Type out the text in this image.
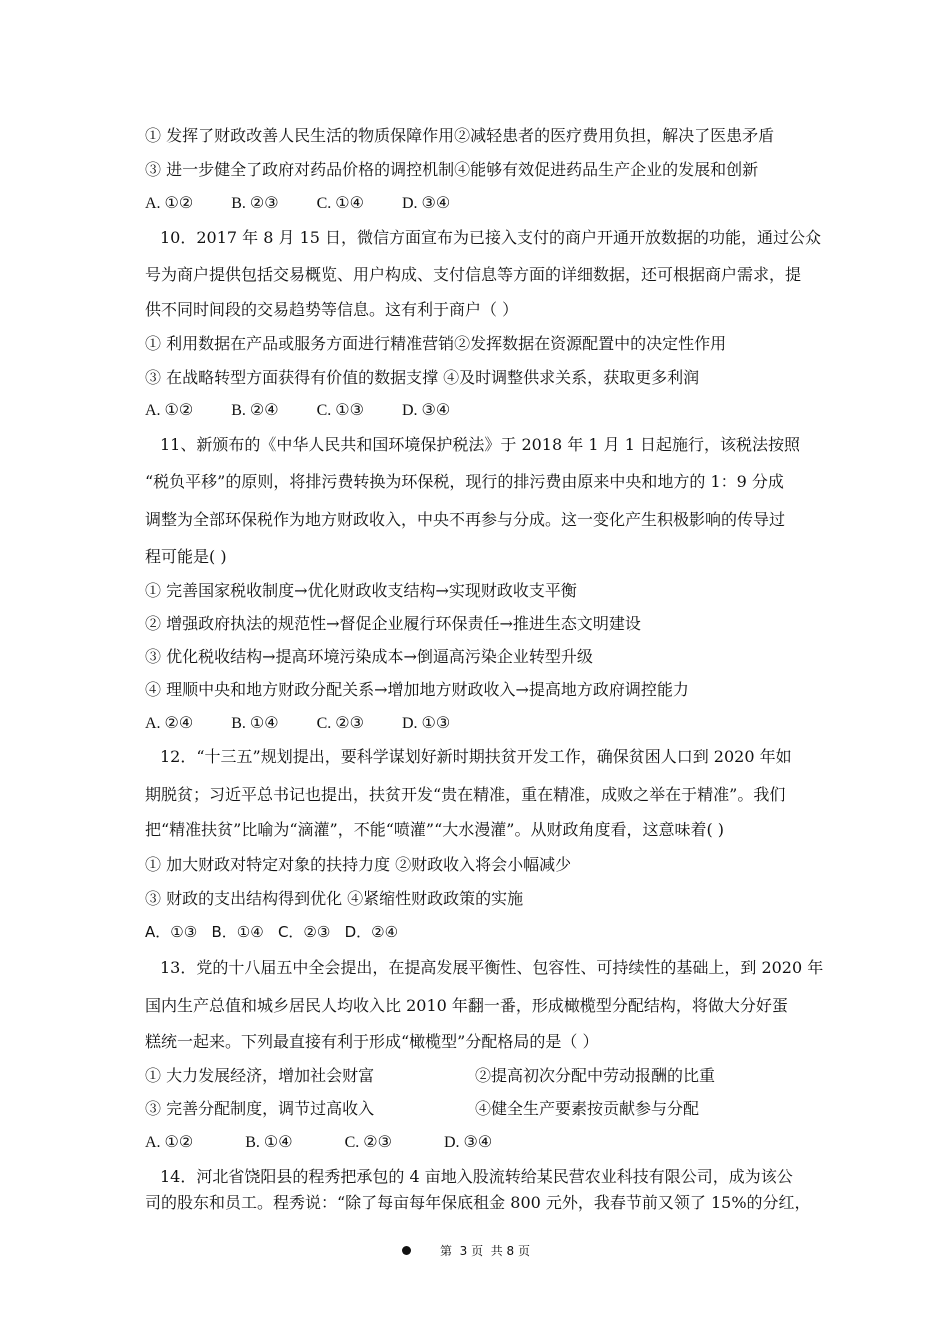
① 发挥了财政改善人民生活的物质保障作用②减轻患者的医疗费用负担，解决了医患矛盾
③ 进一步健全了政府对药品价格的调控机制④能够有效促进药品生产企业的发展和创新
A. ①② B. ②③ C. ①④ D. ③④
10．2017 年 8 月 15 日，微信方面宣布为已接入支付的商户开通开放数据的功能，通过公众
号为商户提供包括交易概览、用户构成、支付信息等方面的详细数据，还可根据商户需求，提
供不同时间段的交易趋势等信息。这有利于商户（ ）
① 利用数据在产品或服务方面进行精准营销②发挥数据在资源配置中的决定性作用
③ 在战略转型方面获得有价值的数据支撑 ④及时调整供求关系，获取更多利润
A. ①② B. ②④ C. ①③ D. ③④
11、新颁布的《中华人民共和国环境保护税法》于 2018 年 1 月 1 日起施行，该税法按照
“税负平移”的原则，将排污费转换为环保税，现行的排污费由原来中央和地方的 1：9 分成
调整为全部环保税作为地方财政收入，中央不再参与分成。这一变化产生积极影响的传导过
程可能是( )
① 完善国家税收制度→优化财政收支结构→实现财政收支平衡
② 增强政府执法的规范性→督促企业履行环保责任→推进生态文明建设
③ 优化税收结构→提高环境污染成本→倒逼高污染企业转型升级
④ 理顺中央和地方财政分配关系→增加地方财政收入→提高地方政府调控能力
A. ②④ B. ①④ C. ②③ D. ①③
12．“十三五”规划提出，要科学谋划好新时期扶贫开发工作，确保贫困人口到 2020 年如
期脱贫；习近平总书记也提出，扶贫开发“贵在精准，重在精准，成败之举在于精准”。我们
把“精准扶贫”比喻为“滴灌”，不能“喷灌”“大水漫灌”。从财政角度看，这意味着( )
① 加大财政对特定对象的扶持力度 ②财政收入将会小幅减少
③ 财政的支出结构得到优化 ④紧缩性财政政策的实施
A．①③   B．①④   C．②③   D．②④
13．党的十八届五中全会提出，在提高发展平衡性、包容性、可持续性的基础上，到 2020 年
国内生产总值和城乡居民人均收入比 2010 年翻一番，形成橄榄型分配结构，将做大分好蛋
糕统一起来。下列最直接有利于形成“橄榄型”分配格局的是（ ）
① 大力发展经济，增加社会财富	②提高初次分配中劳动报酬的比重
③ 完善分配制度，调节过高收入	④健全生产要素按贡献参与分配
A. ①②	B. ①④	C. ②③	D. ③④
14．河北省饶阳县的程秀把承包的 4 亩地入股流转给某民营农业科技有限公司，成为该公
司的股东和员工。程秀说：“除了每亩每年保底租金 800 元外，我春节前又领了 15%的分红，
第  3 页  共 8 页
